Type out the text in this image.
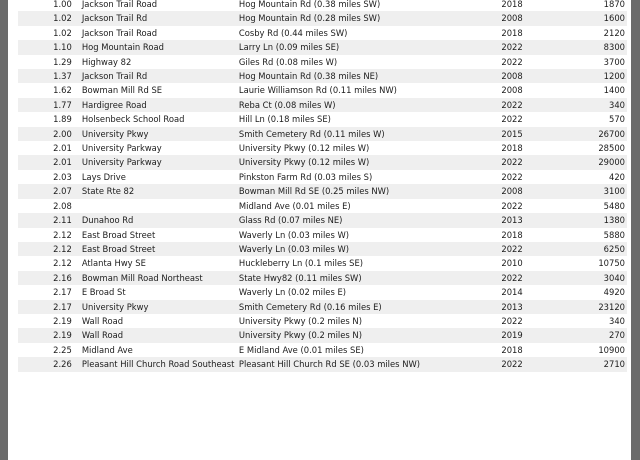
1.00	Jackson Trail Road	Hog Mountain Rd (0.38 miles SW)	2018	1870
1.02	Jackson Trail Rd	Hog Mountain Rd (0.28 miles SW)	2008	1600
1.02	Jackson Trail Road	Cosby Rd (0.44 miles SW)	2018	2120
1.10	Hog Mountain Road	Larry Ln (0.09 miles SE)	2022	8300
1.29	Highway 82	Giles Rd (0.08 miles W)	2022	3700
1.37	Jackson Trail Rd	Hog Mountain Rd (0.38 miles NE)	2008	1200
1.62	Bowman Mill Rd SE	Laurie Williamson Rd (0.11 miles NW)	2008	1400
1.77	Hardigree Road	Reba Ct (0.08 miles W)	2022	340
1.89	Holsenbeck School Road	Hill Ln (0.18 miles SE)	2022	570
2.00	University Pkwy	Smith Cemetery Rd (0.11 miles W)	2015	26700
2.01	University Parkway	University Pkwy (0.12 miles W)	2018	28500
2.01	University Parkway	University Pkwy (0.12 miles W)	2022	29000
2.03	Lays Drive	Pinkston Farm Rd (0.03 miles S)	2022	420
2.07	State Rte 82	Bowman Mill Rd SE (0.25 miles NW)	2008	3100
2.08		Midland Ave (0.01 miles E)	2022	5480
2.11	Dunahoo Rd	Glass Rd (0.07 miles NE)	2013	1380
2.12	East Broad Street	Waverly Ln (0.03 miles W)	2018	5880
2.12	East Broad Street	Waverly Ln (0.03 miles W)	2022	6250
2.12	Atlanta Hwy SE	Huckleberry Ln (0.1 miles SE)	2010	10750
2.16	Bowman Mill Road Northeast	State Hwy82 (0.11 miles SW)	2022	3040
2.17	E Broad St	Waverly Ln (0.02 miles E)	2014	4920
2.17	University Pkwy	Smith Cemetery Rd (0.16 miles E)	2013	23120
2.19	Wall Road	University Pkwy (0.2 miles N)	2022	340
2.19	Wall Road	University Pkwy (0.2 miles N)	2019	270
2.25	Midland Ave	E Midland Ave (0.01 miles SE)	2018	10900
2.26	Pleasant Hill Church Road Southeast	Pleasant Hill Church Rd SE (0.03 miles NW)	2022	2710
